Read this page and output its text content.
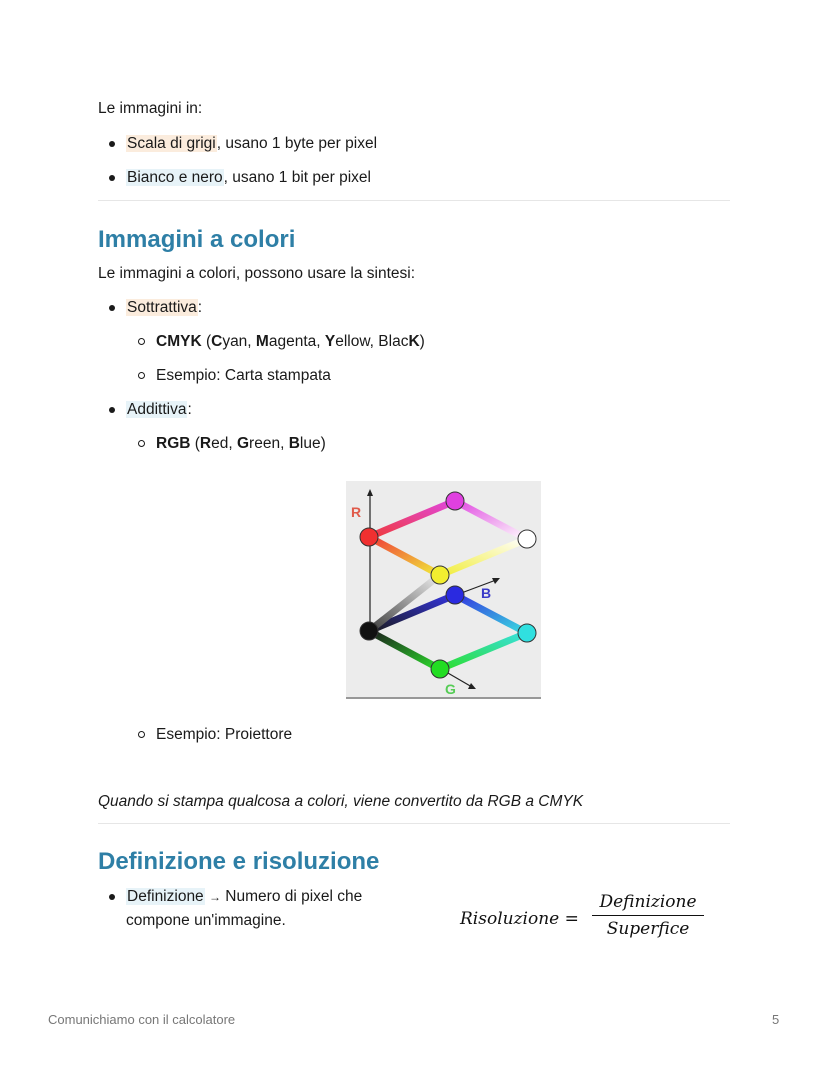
Le immagini in:
Scala di grigi, usano 1 byte per pixel
Bianco e nero, usano 1 bit per pixel
Immagini a colori
Le immagini a colori, possono usare la sintesi:
Sottrattiva:
CMYK (Cyan, Magenta, Yellow, BlacK)
Esempio: Carta stampata
Addittiva:
RGB (Red, Green, Blue)
R
B
G
Esempio: Proiettore
Quando si stampa qualcosa a colori, viene convertito da RGB a CMYK
Definizione e risoluzione
Definizione → Numero di pixel che
compone un'immagine.	Risoluzione =
Definizione
Superfice
Comunichiamo con il calcolatore	5
